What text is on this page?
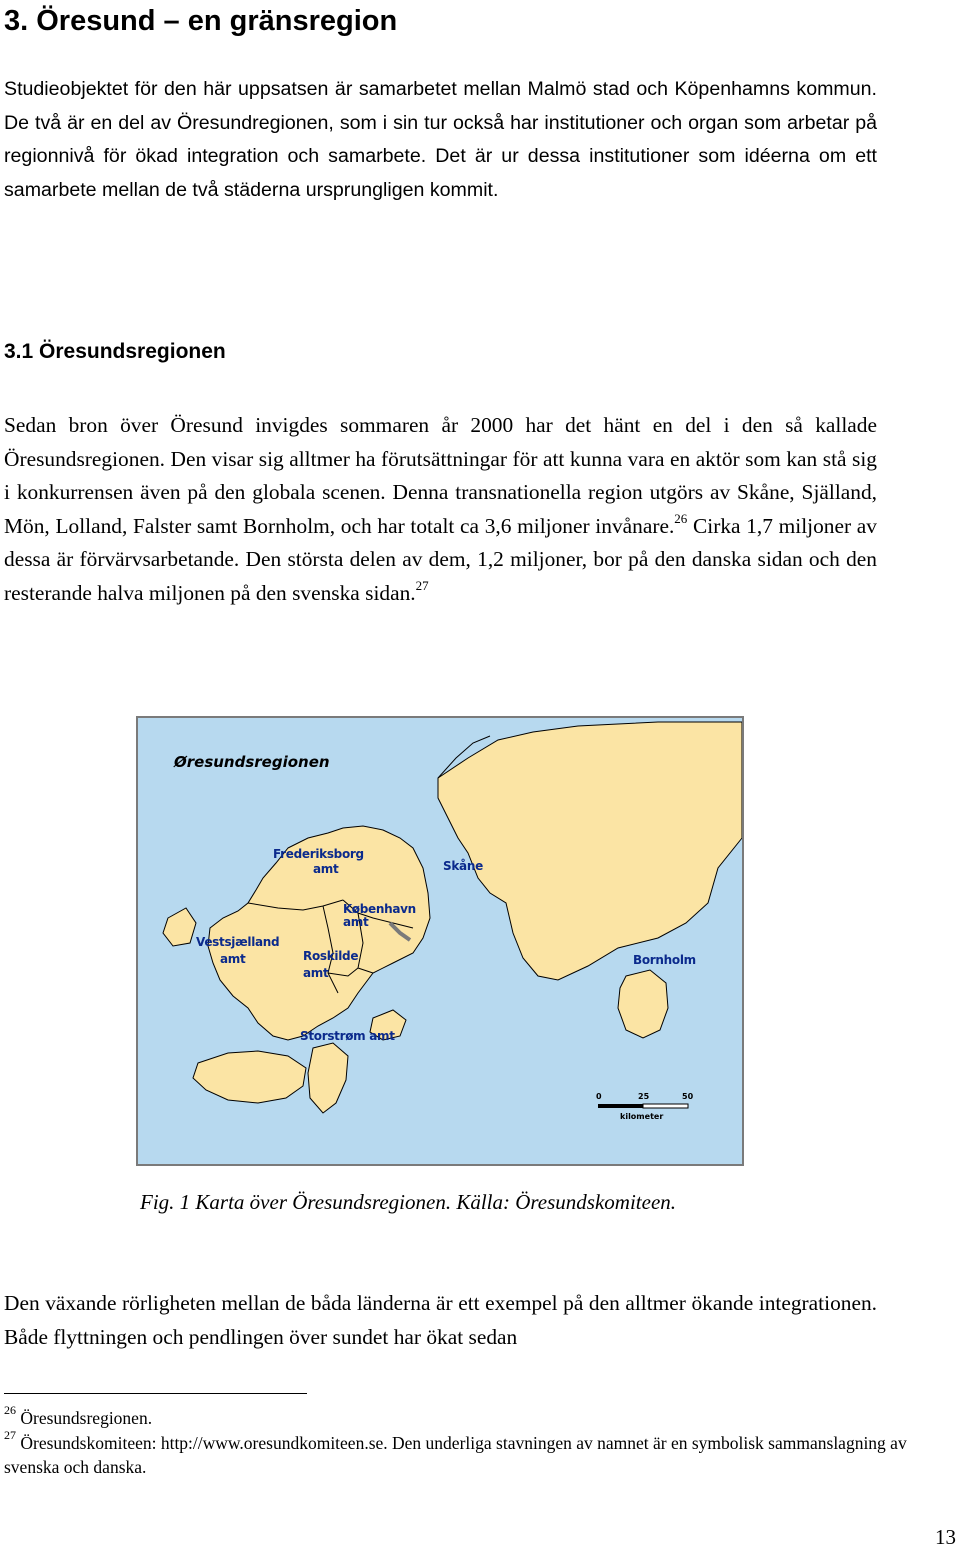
3. Öresund – en gränsregion

Studieobjektet för den här uppsatsen är samarbetet mellan Malmö stad och Köpenhamns kommun. De två är en del av Öresundregionen, som i sin tur också har institutioner och organ som arbetar på regionnivå för ökad integration och samarbete. Det är ur dessa institutioner som idéerna om ett samarbete mellan de två städerna ursprungligen kommit.

3.1 Öresundsregionen

Sedan bron över Öresund invigdes sommaren år 2000 har det hänt en del i den så kallade Öresundsregionen. Den visar sig alltmer ha förutsättningar för att kunna vara en aktör som kan stå sig i konkurrensen även på den globala scenen. Denna transnationella region utgörs av Skåne, Själland, Mön, Lolland, Falster samt Bornholm, och har totalt ca 3,6 miljoner invånare.$^{26}$ Cirka 1,7 miljoner av dessa är förvärvsarbetande. Den största delen av dem, 1,2 miljoner, bor på den danska sidan och den resterande halva miljonen på den svenska sidan.$^{27}$

Øresundsregionen
Frederiksborg
amt
København
amt
Vestsjælland
amt	Roskilde
amt
Storstrøm amt
Skåne
Bornholm
0	25	50
kilometer

Fig. 1 Karta över Öresundsregionen. Källa: Öresundskomiteen.

Den växande rörligheten mellan de båda länderna är ett exempel på den alltmer ökande integrationen. Både flyttningen och pendlingen över sundet har ökat sedan

$^{26}$ Öresundsregionen.

$^{27}$ Öresundskomiteen: http://www.oresundkomiteen.se. Den underliga stavningen av namnet är en symbolisk sammanslagning av svenska och danska.

13
